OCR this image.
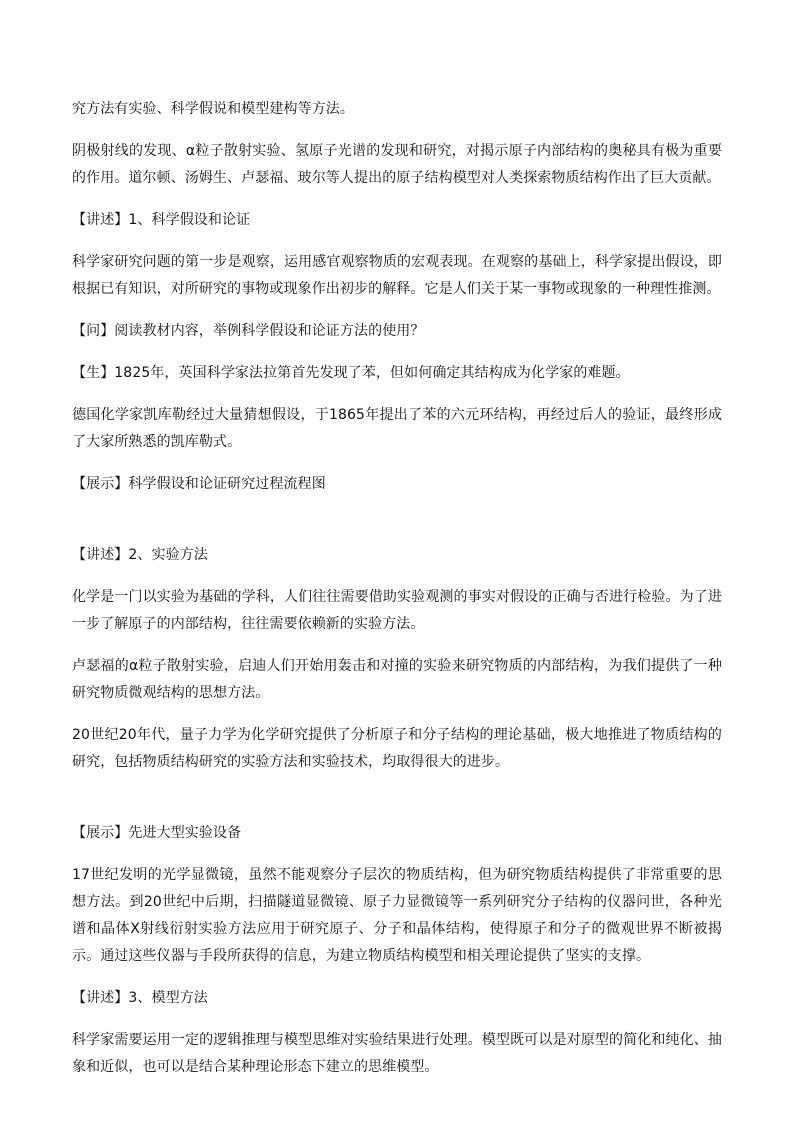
究方法有实验、科学假说和模型建构等方法。

阴极射线的发现、α粒子散射实验、氢原子光谱的发现和研究，对揭示原子内部结构的奥秘具有极为重要的作用。道尔顿、汤姆生、卢瑟福、玻尔等人提出的原子结构模型对人类探索物质结构作出了巨大贡献。

【讲述】1、科学假设和论证

科学家研究问题的第一步是观察，运用感官观察物质的宏观表现。在观察的基础上，科学家提出假设，即根据已有知识，对所研究的事物或现象作出初步的解释。它是人们关于某一事物或现象的一种理性推测。

【问】阅读教材内容，举例科学假设和论证方法的使用？

【生】1825年，英国科学家法拉第首先发现了苯，但如何确定其结构成为化学家的难题。

德国化学家凯库勒经过大量猜想假设，于1865年提出了苯的六元环结构，再经过后人的验证，最终形成了大家所熟悉的凯库勒式。

【展示】科学假设和论证研究过程流程图

【讲述】2、实验方法

化学是一门以实验为基础的学科，人们往往需要借助实验观测的事实对假设的正确与否进行检验。为了进一步了解原子的内部结构，往往需要依赖新的实验方法。

卢瑟福的α粒子散射实验，启迪人们开始用轰击和对撞的实验来研究物质的内部结构，为我们提供了一种研究物质微观结构的思想方法。

20世纪20年代，量子力学为化学研究提供了分析原子和分子结构的理论基础，极大地推进了物质结构的研究，包括物质结构研究的实验方法和实验技术，均取得很大的进步。

【展示】先进大型实验设备

17世纪发明的光学显微镜，虽然不能观察分子层次的物质结构，但为研究物质结构提供了非常重要的思想方法。到20世纪中后期，扫描隧道显微镜、原子力显微镜等一系列研究分子结构的仪器问世，各种光谱和晶体X射线衍射实验方法应用于研究原子、分子和晶体结构，使得原子和分子的微观世界不断被揭示。通过这些仪器与手段所获得的信息，为建立物质结构模型和相关理论提供了坚实的支撑。

【讲述】3、模型方法

科学家需要运用一定的逻辑推理与模型思维对实验结果进行处理。模型既可以是对原型的简化和纯化、抽象和近似，也可以是结合某种理论形态下建立的思维模型。
